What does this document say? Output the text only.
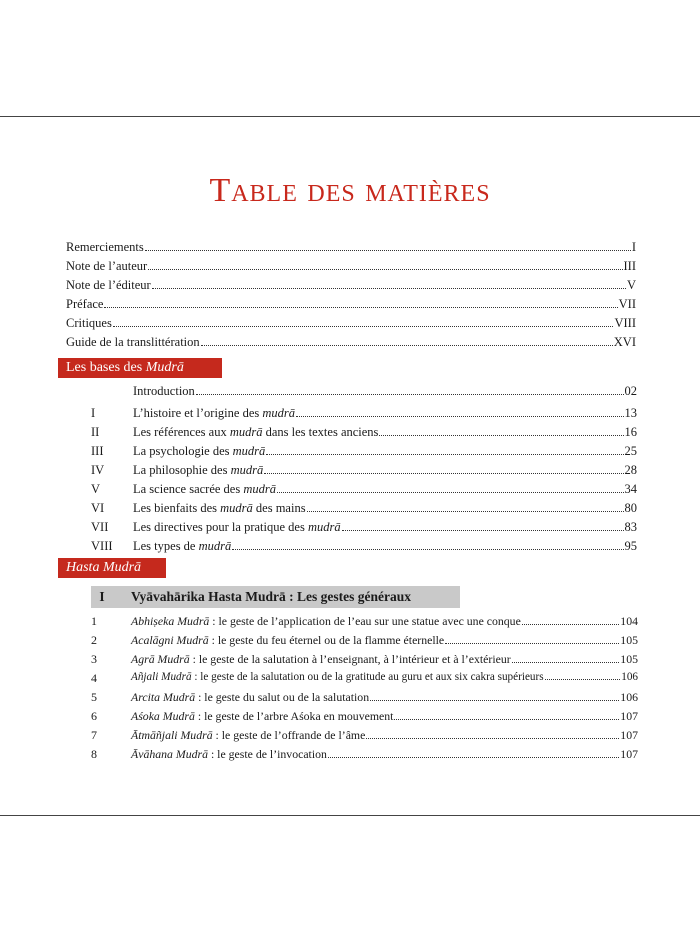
Table des matières
Remerciements	I
Note de l’auteur	III
Note de l’éditeur	V
Préface	VII
Critiques	VIII
Guide de la translittération	XVI
Les bases des Mudrā
Introduction	02
I	L’histoire et l’origine des mudrā	13
II	Les références aux mudrā dans les textes anciens	16
III La psychologie des mudrā	25
IV La philosophie des mudrā	28
V	La science sacrée des mudrā	34
VI Les bienfaits des mudrā des mains	80
VII Les directives pour la pratique des mudrā	83
VIII Les types de mudrā	95
Hasta Mudrā
I	Vyāvahārika Hasta Mudrā : Les gestes généraux
1	Abhiṣeka Mudrā : le geste de l’application de l’eau sur une statue avec une conque	104
2	Acalāgni Mudrā : le geste du feu éternel ou de la flamme éternelle	105
3	Agrā Mudrā : le geste de la salutation à l’enseignant, à l’intérieur et à l’extérieur	105
4	Añjali Mudrā : le geste de la salutation ou de la gratitude au guru et aux six cakra supérieurs	106
5	Arcita Mudrā : le geste du salut ou de la salutation	106
6	Aśoka Mudrā : le geste de l’arbre Aśoka en mouvement	107
7	Ātmāñjali Mudrā : le geste de l’offrande de l’âme	107
8	Āvāhana Mudrā : le geste de l’invocation	107
